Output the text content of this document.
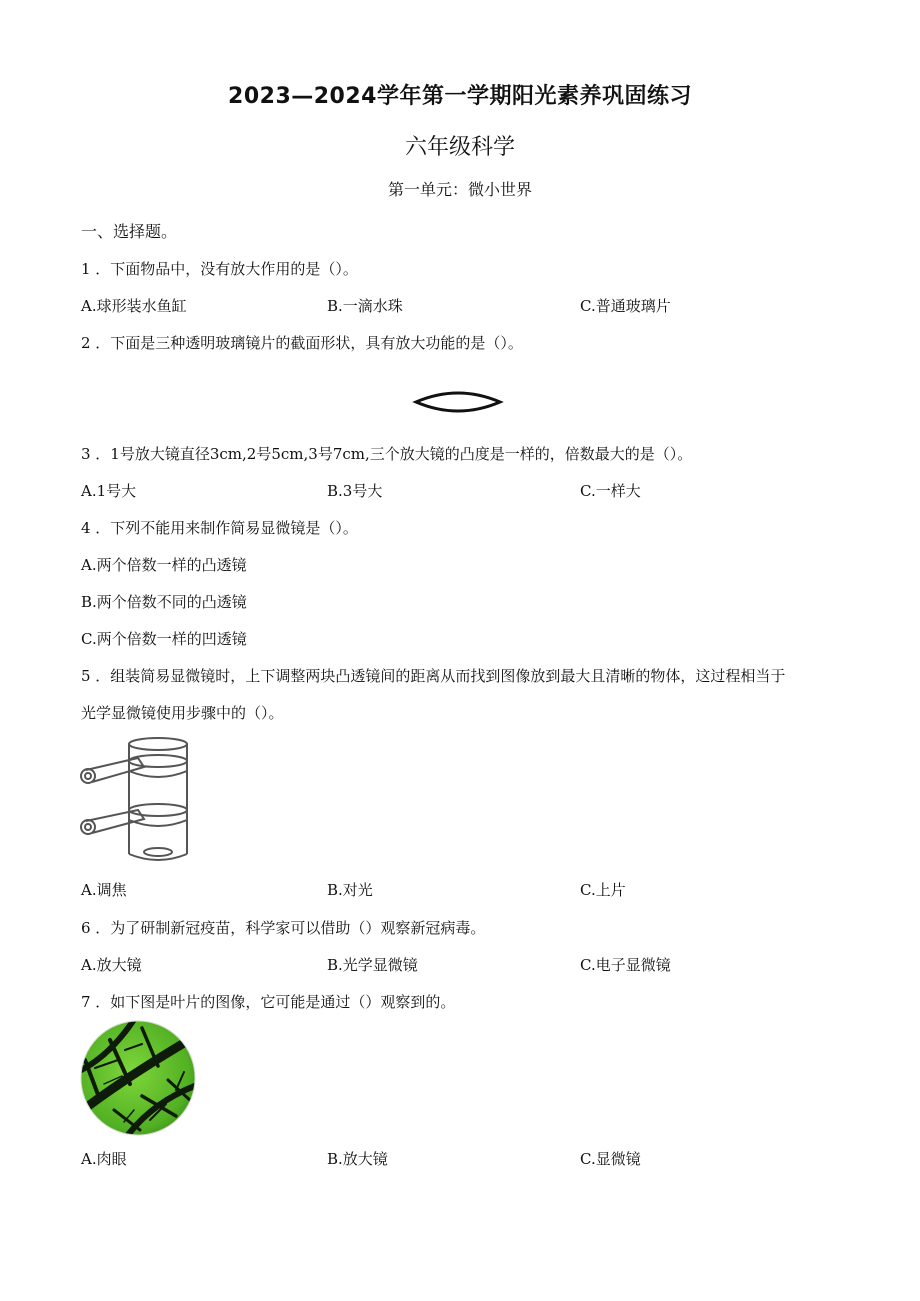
2023—2024学年第一学期阳光素养巩固练习
六年级科学
第一单元：微小世界
一、选择题。
1 ．下面物品中，没有放大作用的是（）。
A.球形装水鱼缸	B.一滴水珠	C.普通玻璃片
2 ．下面是三种透明玻璃镜片的截面形状，具有放大功能的是（）。
3 ．1号放大镜直径3cm,2号5cm,3号7cm,三个放大镜的凸度是一样的，倍数最大的是（）。
A.1号大	B.3号大	C.一样大
4 ．下列不能用来制作简易显微镜是（）。
A.两个倍数一样的凸透镜
B.两个倍数不同的凸透镜
C.两个倍数一样的凹透镜
5 ．组装简易显微镜时，上下调整两块凸透镜间的距离从而找到图像放到最大且清晰的物体，这过程相当于
光学显微镜使用步骤中的（）。
A.调焦	B.对光	C.上片
6 ．为了研制新冠疫苗，科学家可以借助（）观察新冠病毒。
A.放大镜	B.光学显微镜	C.电子显微镜
7 ．如下图是叶片的图像，它可能是通过（）观察到的。
A.肉眼	B.放大镜	C.显微镜
